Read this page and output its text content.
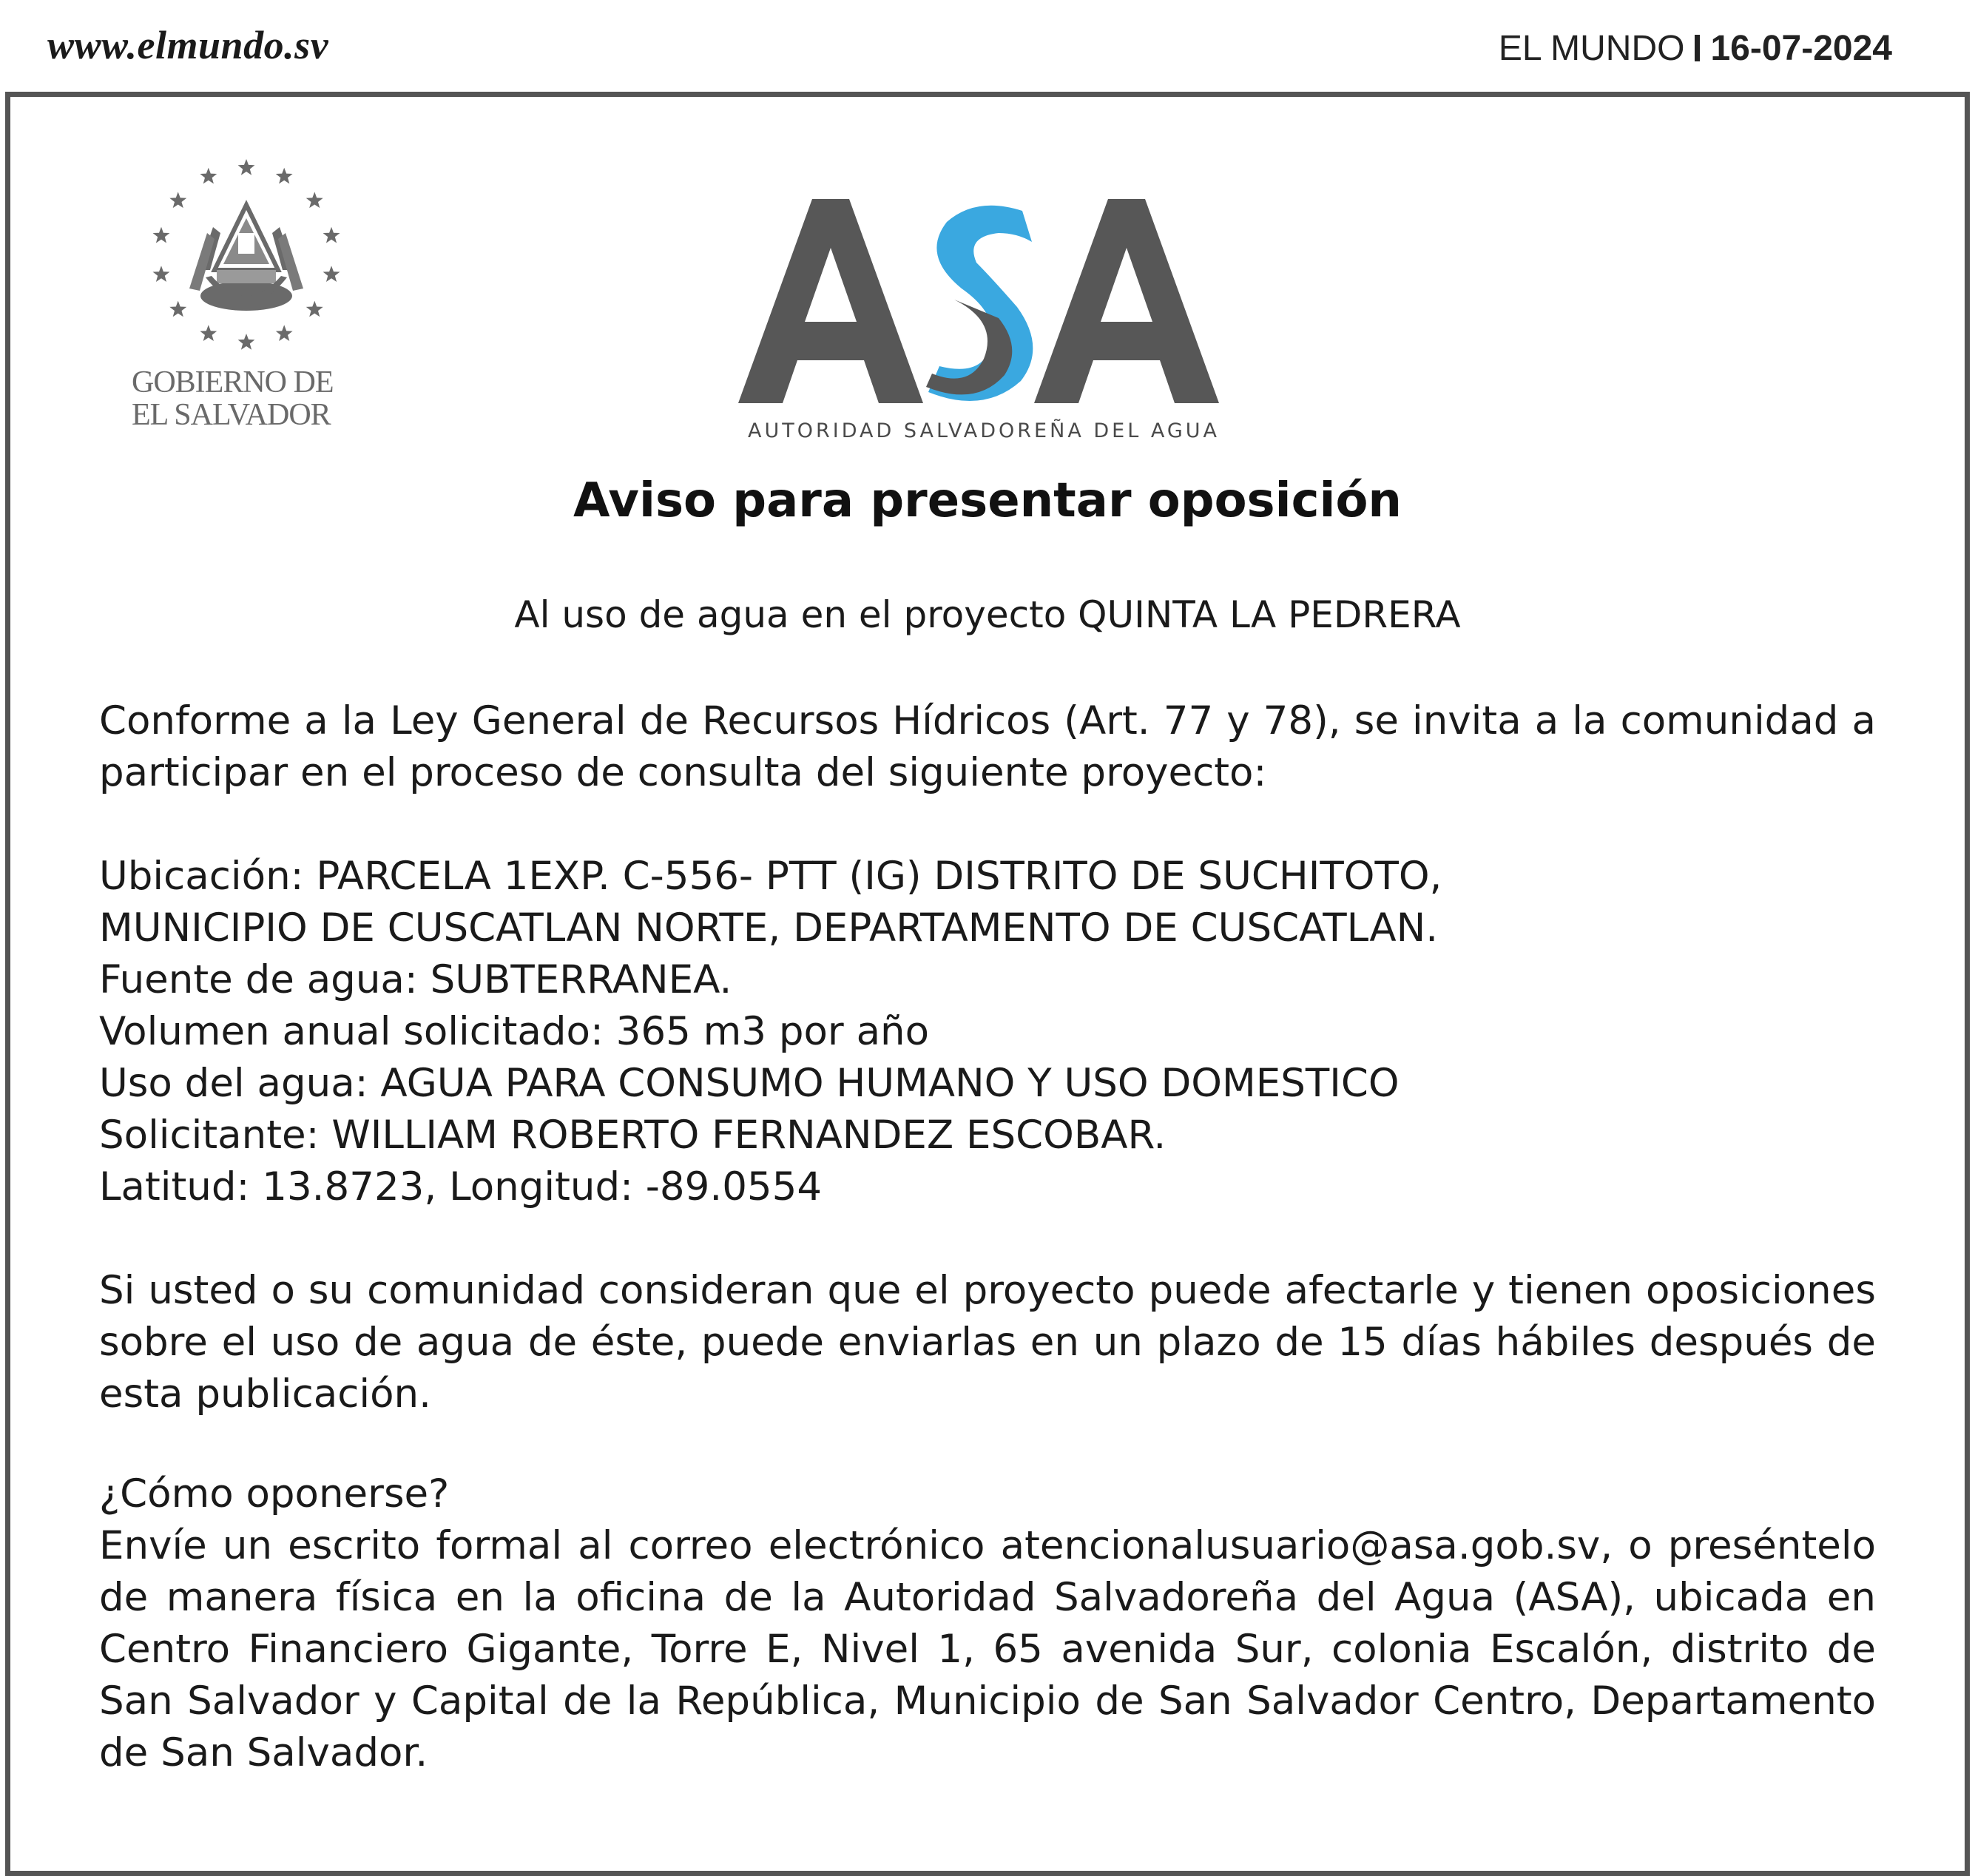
www.elmundo.sv	EL MUNDO 16-07-2024
GOBIERNO DE
EL SALVADOR	AUTORIDAD SALVADOREÑA DEL AGUA
Aviso para presentar oposición
Al uso de agua en el proyecto QUINTA LA PEDRERA
Conforme a la Ley General de Recursos Hídricos (Art. 77 y 78), se invita a la comunidad a participar en el proceso de consulta del siguiente proyecto:
Ubicación: PARCELA 1EXP. C-556- PTT (IG) DISTRITO DE SUCHITOTO,
MUNICIPIO DE CUSCATLAN NORTE, DEPARTAMENTO DE CUSCATLAN.
Fuente de agua: SUBTERRANEA.
Volumen anual solicitado: 365 m3 por año
Uso del agua: AGUA PARA CONSUMO HUMANO Y USO DOMESTICO
Solicitante: WILLIAM ROBERTO FERNANDEZ ESCOBAR.
Latitud: 13.8723, Longitud: -89.0554
Si usted o su comunidad consideran que el proyecto puede afectarle y tienen oposiciones sobre el uso de agua de éste, puede enviarlas en un plazo de 15 días hábiles después de esta publicación.
¿Cómo oponerse?
Envíe un escrito formal al correo electrónico atencionalusuario@asa.gob.sv, o preséntelo de manera física en la oficina de la Autoridad Salvadoreña del Agua (ASA), ubicada en Centro Financiero Gigante, Torre E, Nivel 1, 65 avenida Sur, colonia Escalón, distrito de San Salvador y Capital de la República, Municipio de San Salvador Centro, Departamento de San Salvador.
